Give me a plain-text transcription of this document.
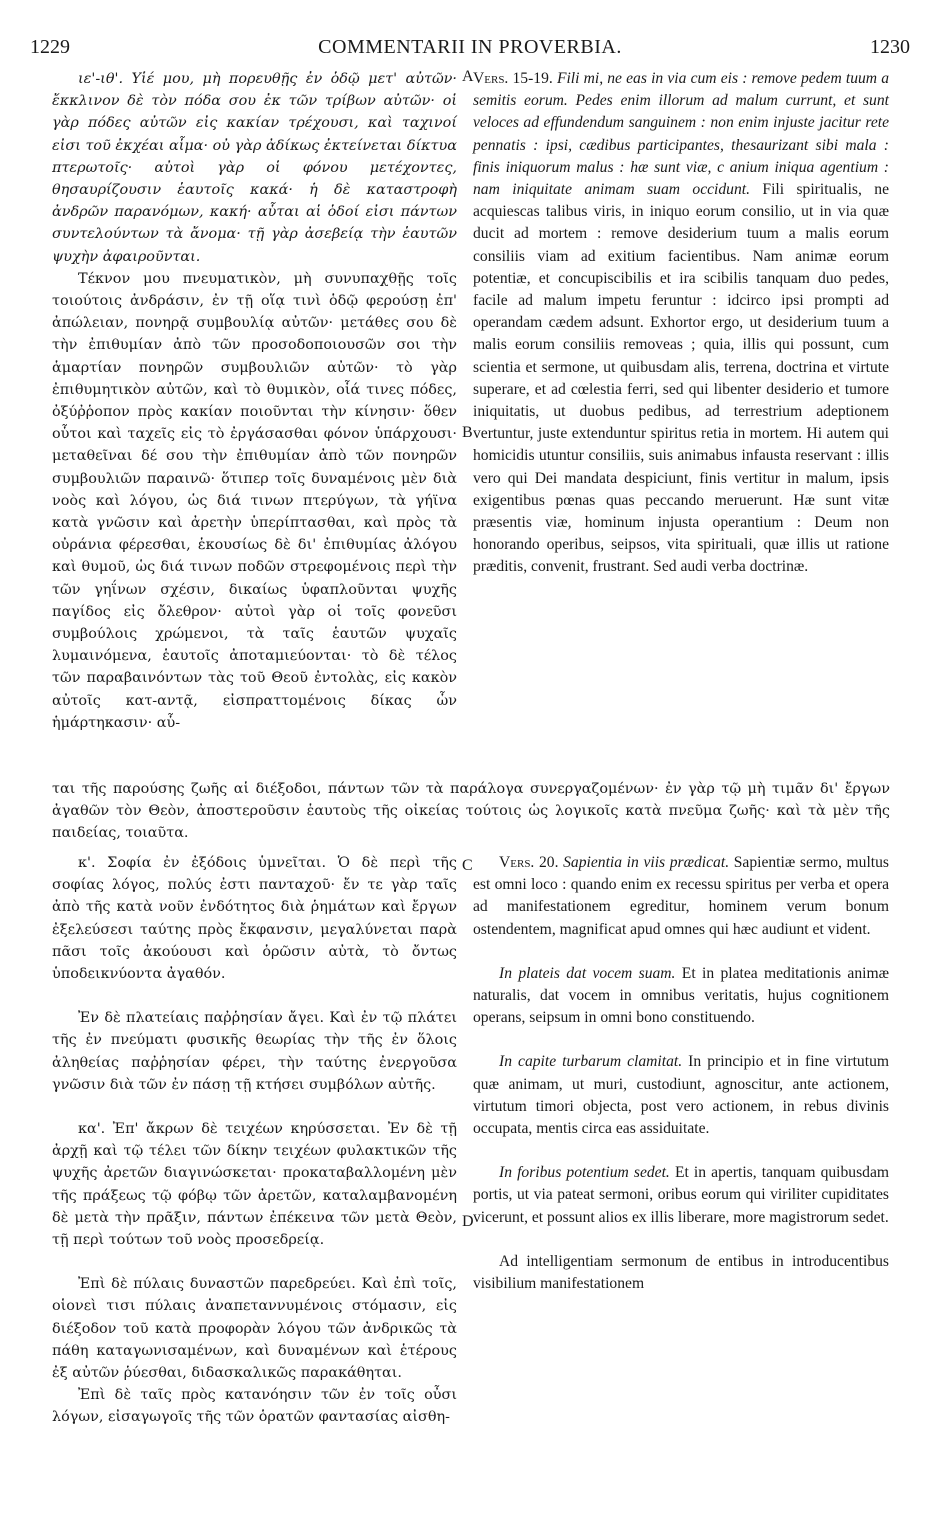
1229	COMMENTARII IN PROVERBIA.	1230
A
B
C
D

ιε'-ιθ'. Υἱέ μου, μὴ πορευθῇς ἐν ὁδῷ μετ' αὐτῶν· ἔκκλινον δὲ τὸν πόδα σου ἐκ τῶν τρίβων αὐτῶν· οἱ γὰρ πόδες αὐτῶν εἰς κακίαν τρέχουσι, καὶ ταχινοί εἰσι τοῦ ἐκχέαι αἷμα· οὐ γὰρ ἀδίκως ἐκτείνεται δίκτυα πτερωτοῖς· αὐτοὶ γὰρ οἱ φόνου μετέχοντες, θησαυρίζουσιν ἑαυτοῖς κακά· ἡ δὲ καταστροφὴ ἀνδρῶν παρανόμων, κακή· αὗται αἱ ὁδοί εἰσι πάντων συντελούντων τὰ ἄνομα· τῇ γὰρ ἀσεβείᾳ τὴν ἑαυτῶν ψυχὴν ἀφαιροῦνται.

Τέκνον μου πνευματικὸν, μὴ συνυπαχθῇς τοῖς τοιούτοις ἀνδράσιν, ἐν τῇ οἵᾳ τινὶ ὁδῷ φερούσῃ ἐπ' ἀπώλειαν, πονηρᾷ συμβουλίᾳ αὐτῶν· μετάθες σου δὲ τὴν ἐπιθυμίαν ἀπὸ τῶν προσοδοποιουσῶν σοι τὴν ἁμαρτίαν πονηρῶν συμβουλιῶν αὐτῶν· τὸ γὰρ ἐπιθυμητικὸν αὐτῶν, καὶ τὸ θυμικὸν, οἷά τινες πόδες, ὀξύῤῥοπον πρὸς κακίαν ποιοῦνται τὴν κίνησιν· ὅθεν οὗτοι καὶ ταχεῖς εἰς τὸ ἐργάσασθαι φόνον ὑπάρχουσι· μεταθεῖναι δέ σου τὴν ἐπιθυμίαν ἀπὸ τῶν πονηρῶν συμβουλιῶν παραινῶ· ὅτιπερ τοῖς δυναμένοις μὲν διὰ νοὸς καὶ λόγου, ὡς διά τινων πτερύγων, τὰ γήϊνα κατὰ γνῶσιν καὶ ἀρετὴν ὑπερίπτασθαι, καὶ πρὸς τὰ οὐράνια φέρεσθαι, ἑκουσίως δὲ δι' ἐπιθυμίας ἀλόγου καὶ θυμοῦ, ὡς διά τινων ποδῶν στρεφομένοις περὶ τὴν τῶν γηΐνων σχέσιν, δικαίως ὑφαπλοῦνται ψυχῆς παγίδος εἰς ὄλεθρον· αὐτοὶ γὰρ οἱ τοῖς φονεῦσι συμβούλοις χρώμενοι, τὰ ταῖς ἑαυτῶν ψυχαῖς λυμαινόμενα, ἑαυτοῖς ἀποταμιεύονται· τὸ δὲ τέλος τῶν παραβαινόντων τὰς τοῦ Θεοῦ ἐντολὰς, εἰς κακὸν αὐτοῖς κατ-αντᾷ, εἰσπραττομένοις δίκας ὧν ἡμάρτηκασιν· αὗ-

Vers. 15-19. Fili mi, ne eas in via cum eis : remove pedem tuum a semitis eorum. Pedes enim illorum ad malum currunt, et sunt veloces ad effundendum sanguinem : non enim injuste jacitur rete pennatis : ipsi, cædibus participantes, thesaurizant sibi mala : finis iniquorum malus : hæ sunt viæ, c anium iniqua agentium : nam iniquitate animam suam occidunt. Fili spiritualis, ne acquiescas talibus viris, in iniquo eorum consilio, ut in via quæ ducit ad mortem : remove desiderium tuum a malis eorum consiliis viam ad exitium facientibus. Nam animæ eorum potentiæ, et concupiscibilis et ira scibilis tanquam duo pedes, facile ad malum impetu feruntur : idcirco ipsi prompti ad operandam cædem adsunt. Exhortor ergo, ut desiderium tuum a malis eorum consiliis removeas ; quia, illis qui possunt, cum scientia et sermone, ut quibusdam alis, terrena, doctrina et virtute superare, et ad cœlestia ferri, sed qui libenter desiderio et tumore iniquitatis, ut duobus pedibus, ad terrestrium adeptionem vertuntur, juste extenduntur spiritus retia in mortem. Hi autem qui homicidis utuntur consiliis, suis animabus infausta reservant : illis vero qui Dei mandata despiciunt, finis vertitur in malum, ipsis exigentibus pœnas quas peccando meruerunt. Hæ sunt vitæ præsentis viæ, hominum injusta operantium : Deum non honorando operibus, seipsos, vita spirituali, quæ illis ut ratione præditis, convenit, frustrant. Sed audi verba doctrinæ.

ται τῆς παρούσης ζωῆς αἱ διέξοδοι, πάντων τῶν τὰ παράλογα συνεργαζομένων· ἐν γὰρ τῷ μὴ τιμᾶν δι' ἔργων ἀγαθῶν τὸν Θεὸν, ἀποστεροῦσιν ἑαυτοὺς τῆς οἰκείας τούτοις ὡς λογικοῖς κατὰ πνεῦμα ζωῆς· καὶ τὰ μὲν τῆς παιδείας, τοιαῦτα.

κ'. Σοφία ἐν ἐξόδοις ὑμνεῖται. Ὁ δὲ περὶ τῆς σοφίας λόγος, πολύς ἐστι πανταχοῦ· ἔν τε γὰρ ταῖς ἀπὸ τῆς κατὰ νοῦν ἐνδότητος διὰ ῥημάτων καὶ ἔργων ἐξελεύσεσι ταύτης πρὸς ἔκφανσιν, μεγαλύνεται παρὰ πᾶσι τοῖς ἀκούουσι καὶ ὁρῶσιν αὐτὰ, τὸ ὄντως ὑποδεικνύοντα ἀγαθόν.

Ἐν δὲ πλατείαις παῤῥησίαν ἄγει. Καὶ ἐν τῷ πλάτει τῆς ἐν πνεύματι φυσικῆς θεωρίας τὴν τῆς ἐν ὅλοις ἀληθείας παῤῥησίαν φέρει, τὴν ταύτης ἐνεργοῦσα γνῶσιν διὰ τῶν ἐν πάσῃ τῇ κτήσει συμβόλων αὐτῆς.

κα'. Ἐπ' ἄκρων δὲ τειχέων κηρύσσεται. Ἐν δὲ τῇ ἀρχῇ καὶ τῷ τέλει τῶν δίκην τειχέων φυλακτικῶν τῆς ψυχῆς ἀρετῶν διαγινώσκεται· προκαταβαλλομένη μὲν τῆς πράξεως τῷ φόβῳ τῶν ἀρετῶν, καταλαμβανομένη δὲ μετὰ τὴν πρᾶξιν, πάντων ἐπέκεινα τῶν μετὰ Θεὸν, τῇ περὶ τούτων τοῦ νοὸς προσεδρείᾳ.

Ἐπὶ δὲ πύλαις δυναστῶν παρεδρεύει. Καὶ ἐπὶ τοῖς, οἱονεὶ τισι πύλαις ἀναπεταννυμένοις στόμασιν, εἰς διέξοδον τοῦ κατὰ προφορὰν λόγου τῶν ἀνδρικῶς τὰ πάθη καταγωνισαμένων, καὶ δυναμένων καὶ ἑτέρους ἐξ αὐτῶν ῥύεσθαι, διδασκαλικῶς παρακάθηται.

Ἐπὶ δὲ ταῖς πρὸς κατανόησιν τῶν ἐν τοῖς οὖσι λόγων, εἰσαγωγοῖς τῆς τῶν ὁρατῶν φαντασίας αἰσθη-

Vers. 20. Sapientia in viis prædicat. Sapientiæ sermo, multus est omni loco : quando enim ex recessu spiritus per verba et opera ad manifestationem egreditur, hominem verum bonum ostendentem, magnificat apud omnes qui hæc audiunt et vident.

In plateis dat vocem suam. Et in platea meditationis animæ naturalis, dat vocem in omnibus veritatis, hujus cognitionem operans, seipsum in omni bono constituendo.

In capite turbarum clamitat. In principio et in fine virtutum quæ animam, ut muri, custodiunt, agnoscitur, ante actionem, virtutum timori objecta, post vero actionem, in rebus divinis occupata, mentis circa eas assiduitate.

In foribus potentium sedet. Et in apertis, tanquam quibusdam portis, ut via pateat sermoni, oribus eorum qui viriliter cupiditates vicerunt, et possunt alios ex illis liberare, more magistrorum sedet.

Ad intelligentiam sermonum de entibus in introducentibus visibilium manifestationem
